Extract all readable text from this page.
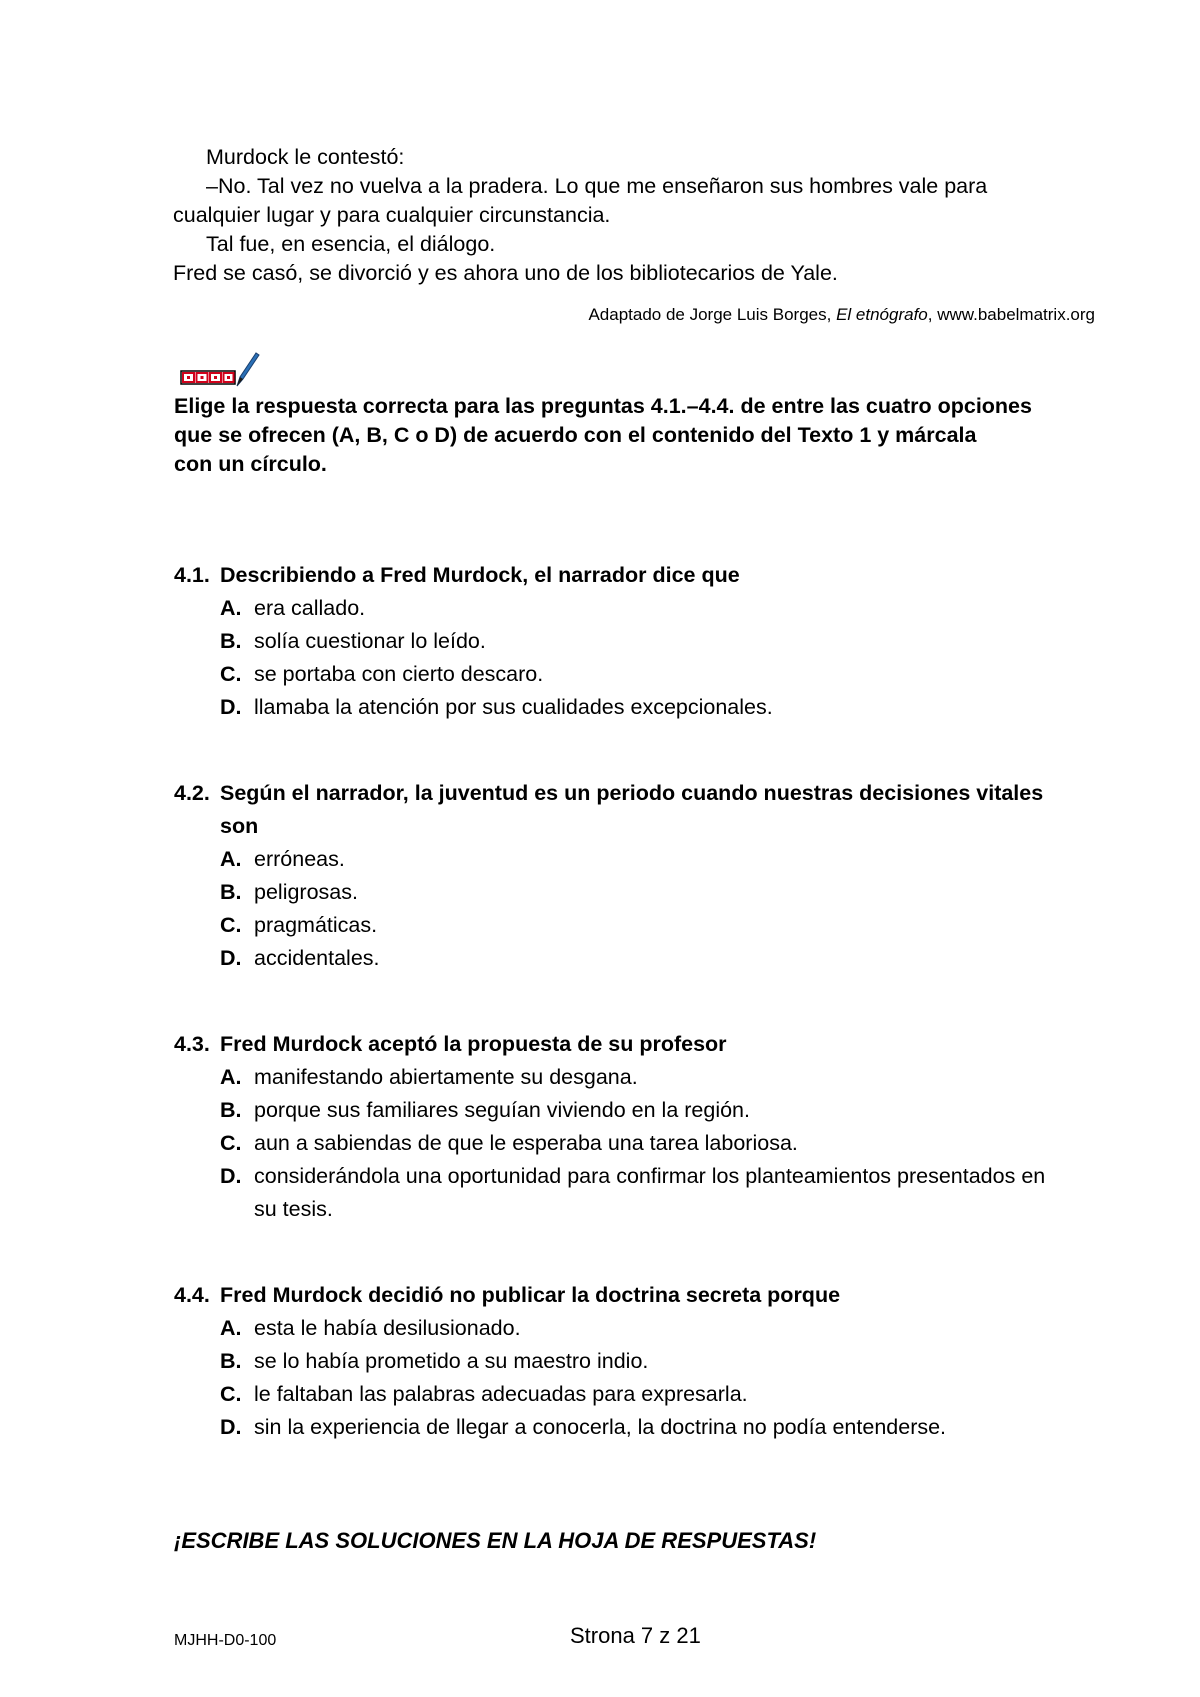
Murdock le contestó:
–No. Tal vez no vuelva a la pradera. Lo que me enseñaron sus hombres vale para
cualquier lugar y para cualquier circunstancia.
Tal fue, en esencia, el diálogo.
Fred se casó, se divorció y es ahora uno de los bibliotecarios de Yale.
Adaptado de Jorge Luis Borges, El etnógrafo, www.babelmatrix.org
Elige la respuesta correcta para las preguntas 4.1.–4.4. de entre las cuatro opciones
que se ofrecen (A, B, C o D) de acuerdo con el contenido del Texto 1 y márcala
con un círculo.
4.1. Describiendo a Fred Murdock, el narrador dice que
A. era callado.
B. solía cuestionar lo leído.
C. se portaba con cierto descaro.
D. llamaba la atención por sus cualidades excepcionales.
4.2. Según el narrador, la juventud es un periodo cuando nuestras decisiones vitales
son
A. erróneas.
B. peligrosas.
C. pragmáticas.
D. accidentales.
4.3. Fred Murdock aceptó la propuesta de su profesor
A. manifestando abiertamente su desgana.
B. porque sus familiares seguían viviendo en la región.
C. aun a sabiendas de que le esperaba una tarea laboriosa.
D. considerándola una oportunidad para confirmar los planteamientos presentados en
su tesis.
4.4. Fred Murdock decidió no publicar la doctrina secreta porque
A. esta le había desilusionado.
B. se lo había prometido a su maestro indio.
C. le faltaban las palabras adecuadas para expresarla.
D. sin la experiencia de llegar a conocerla, la doctrina no podía entenderse.
¡ESCRIBE LAS SOLUCIONES EN LA HOJA DE RESPUESTAS!
MJHH-D0-100	Strona 7 z 21
